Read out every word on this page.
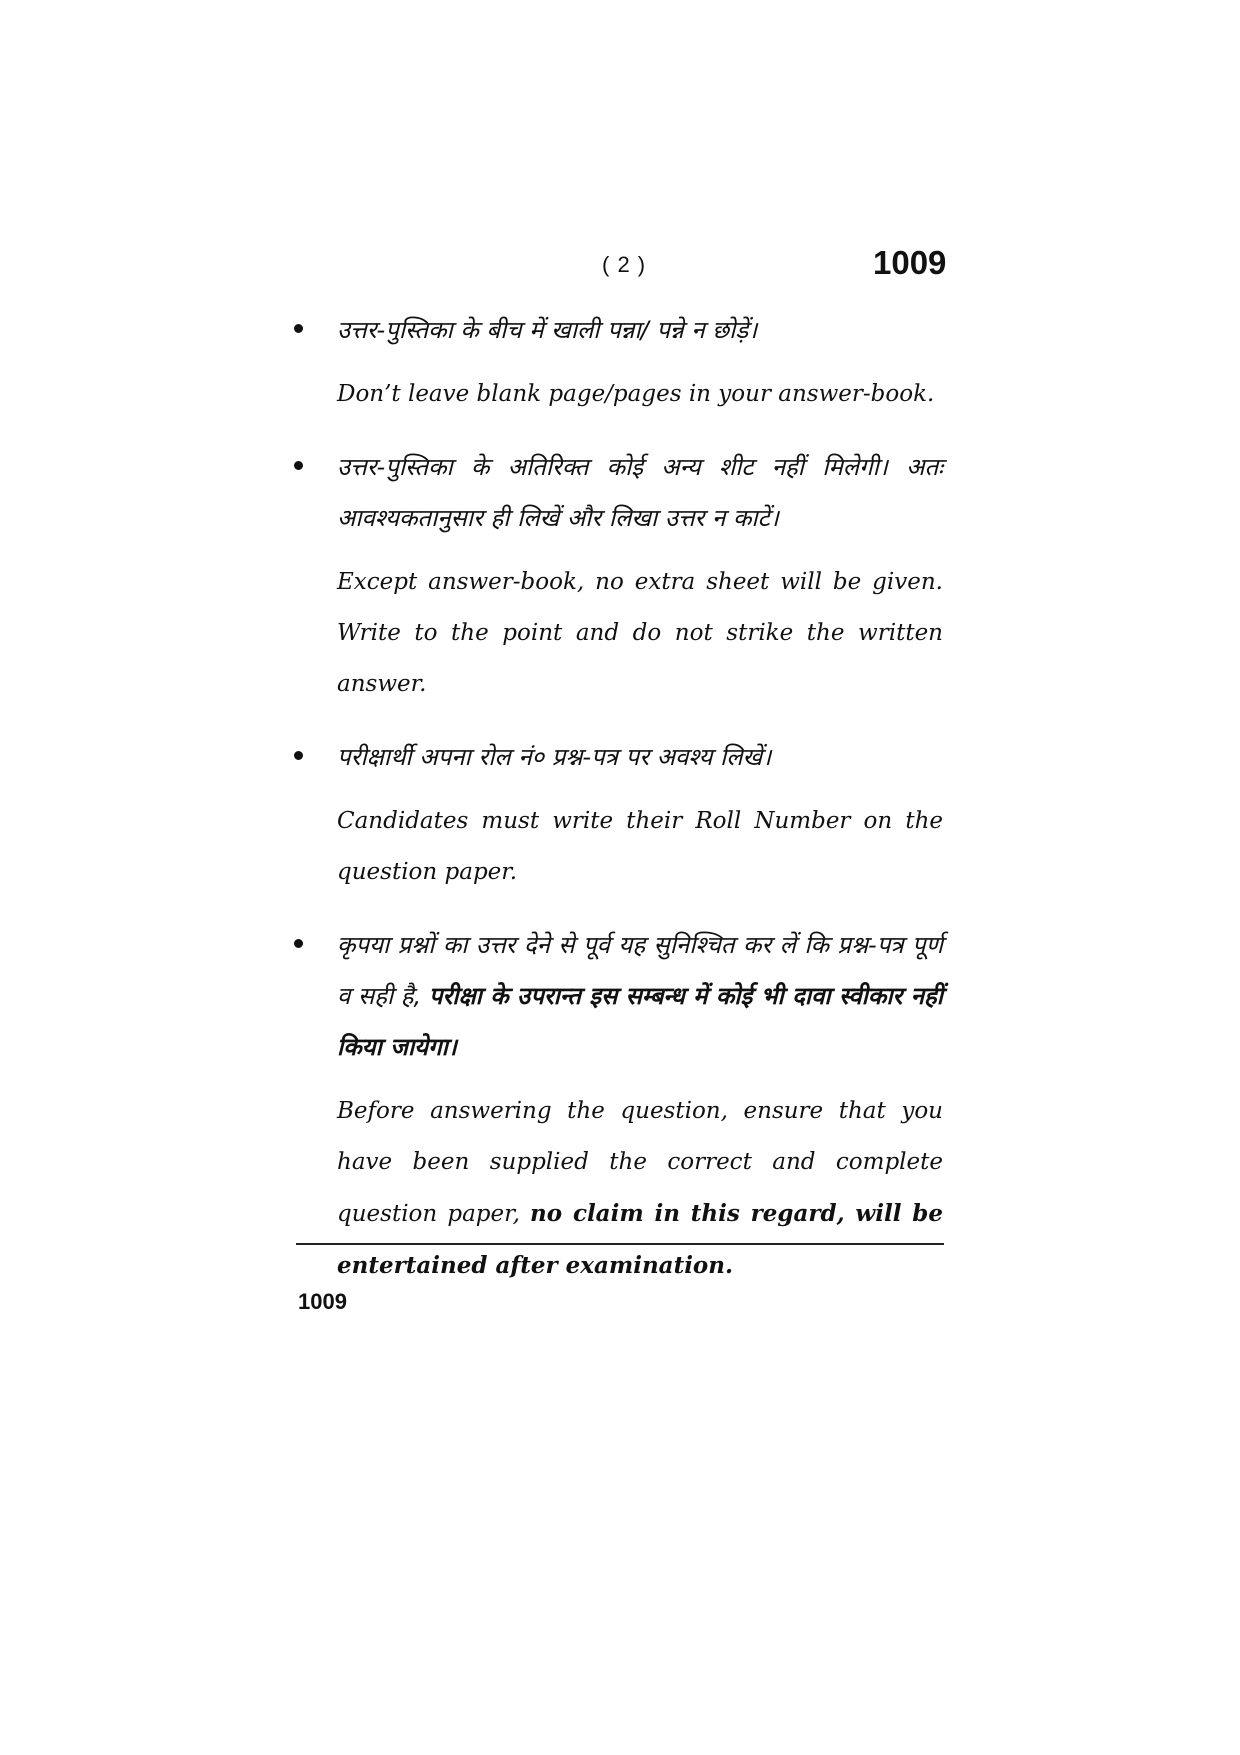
( 2 )	1009

उत्तर-पुस्तिका के बीच में खाली पन्ना/ पन्ने न छोड़ें।

Don’t leave blank page/pages in your answer-book.

उत्तर-पुस्तिका के अतिरिक्त कोई अन्य शीट नहीं मिलेगी। अतः आवश्यकतानुसार ही लिखें और लिखा उत्तर न काटें।

Except answer-book, no extra sheet will be given. Write to the point and do not strike the written answer.

परीक्षार्थी अपना रोल नं० प्रश्न-पत्र पर अवश्य लिखें।

Candidates must write their Roll Number on the question paper.

कृपया प्रश्नों का उत्तर देने से पूर्व यह सुनिश्चित कर लें कि प्रश्न-पत्र पूर्ण व सही है, परीक्षा के उपरान्त इस सम्बन्ध में कोई भी दावा स्वीकार नहीं किया जायेगा।

Before answering the question, ensure that you have been supplied the correct and complete question paper, no claim in this regard, will be entertained after examination.

1009
